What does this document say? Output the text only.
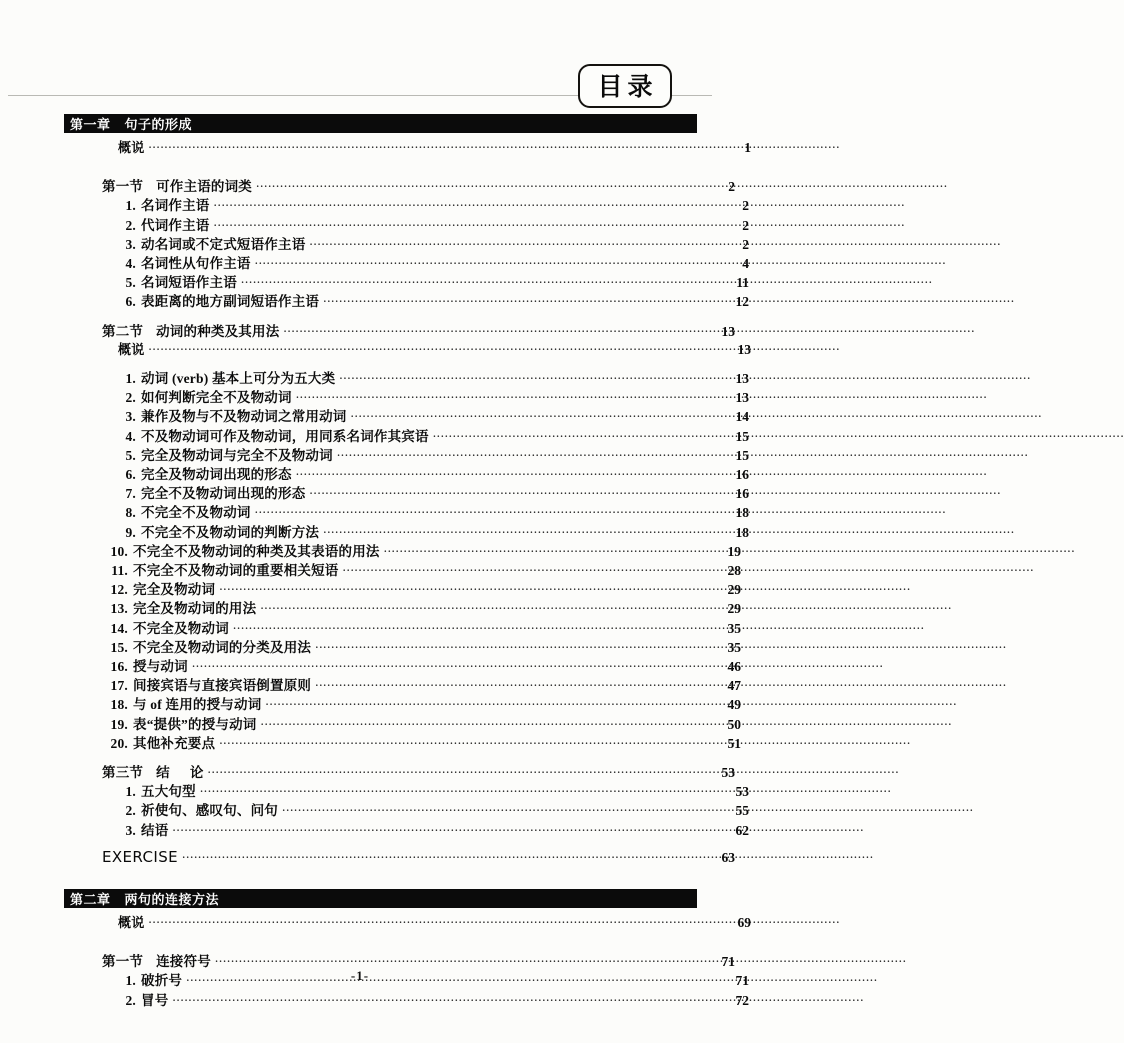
目录
第一章 句子的形成
概说 .....	1
第一节 可作主语的词类 .....	2
1. 名词作主语 .....	2
2. 代词作主语 .....	2
3. 动名词或不定式短语作主语 .....	2
4. 名词性从句作主语 .....	4
5. 名词短语作主语 .....	11
6. 表距离的地方副词短语作主语 .....	12
第二节 动词的种类及其用法 .....	13
概说 .....	13
1. 动词 (verb) 基本上可分为五大类 .....	13
2. 如何判断完全不及物动词 .....	13
3. 兼作及物与不及物动词之常用动词 .....	14
4. 不及物动词可作及物动词，用同系名词作其宾语 .....	15
5. 完全及物动词与完全不及物动词 .....	15
6. 完全及物动词出现的形态 .....	16
7. 完全不及物动词出现的形态 .....	16
8. 不完全不及物动词 .....	18
9. 不完全不及物动词的判断方法 .....	18
10. 不完全不及物动词的种类及其表语的用法 .....	19
11. 不完全不及物动词的重要相关短语 .....	28
12. 完全及物动词 .....	29
13. 完全及物动词的用法 .....	29
14. 不完全及物动词 .....	35
15. 不完全及物动词的分类及用法 .....	35
16. 授与动词 .....	46
17. 间接宾语与直接宾语倒置原则 .....	47
18. 与 of 连用的授与动词 .....	49
19. 表“提供”的授与动词 .....	50
20. 其他补充要点 .....	51
第三节 结 论 .....	53
1. 五大句型 .....	53
2. 祈使句、感叹句、问句 .....	55
3. 结语 .....	62
EXERCISE .....	63
第二章 两句的连接方法
概说 .....	69
第一节 连接符号 .....	71
1. 破折号 .....	71
2. 冒号 .....	72
-1-
